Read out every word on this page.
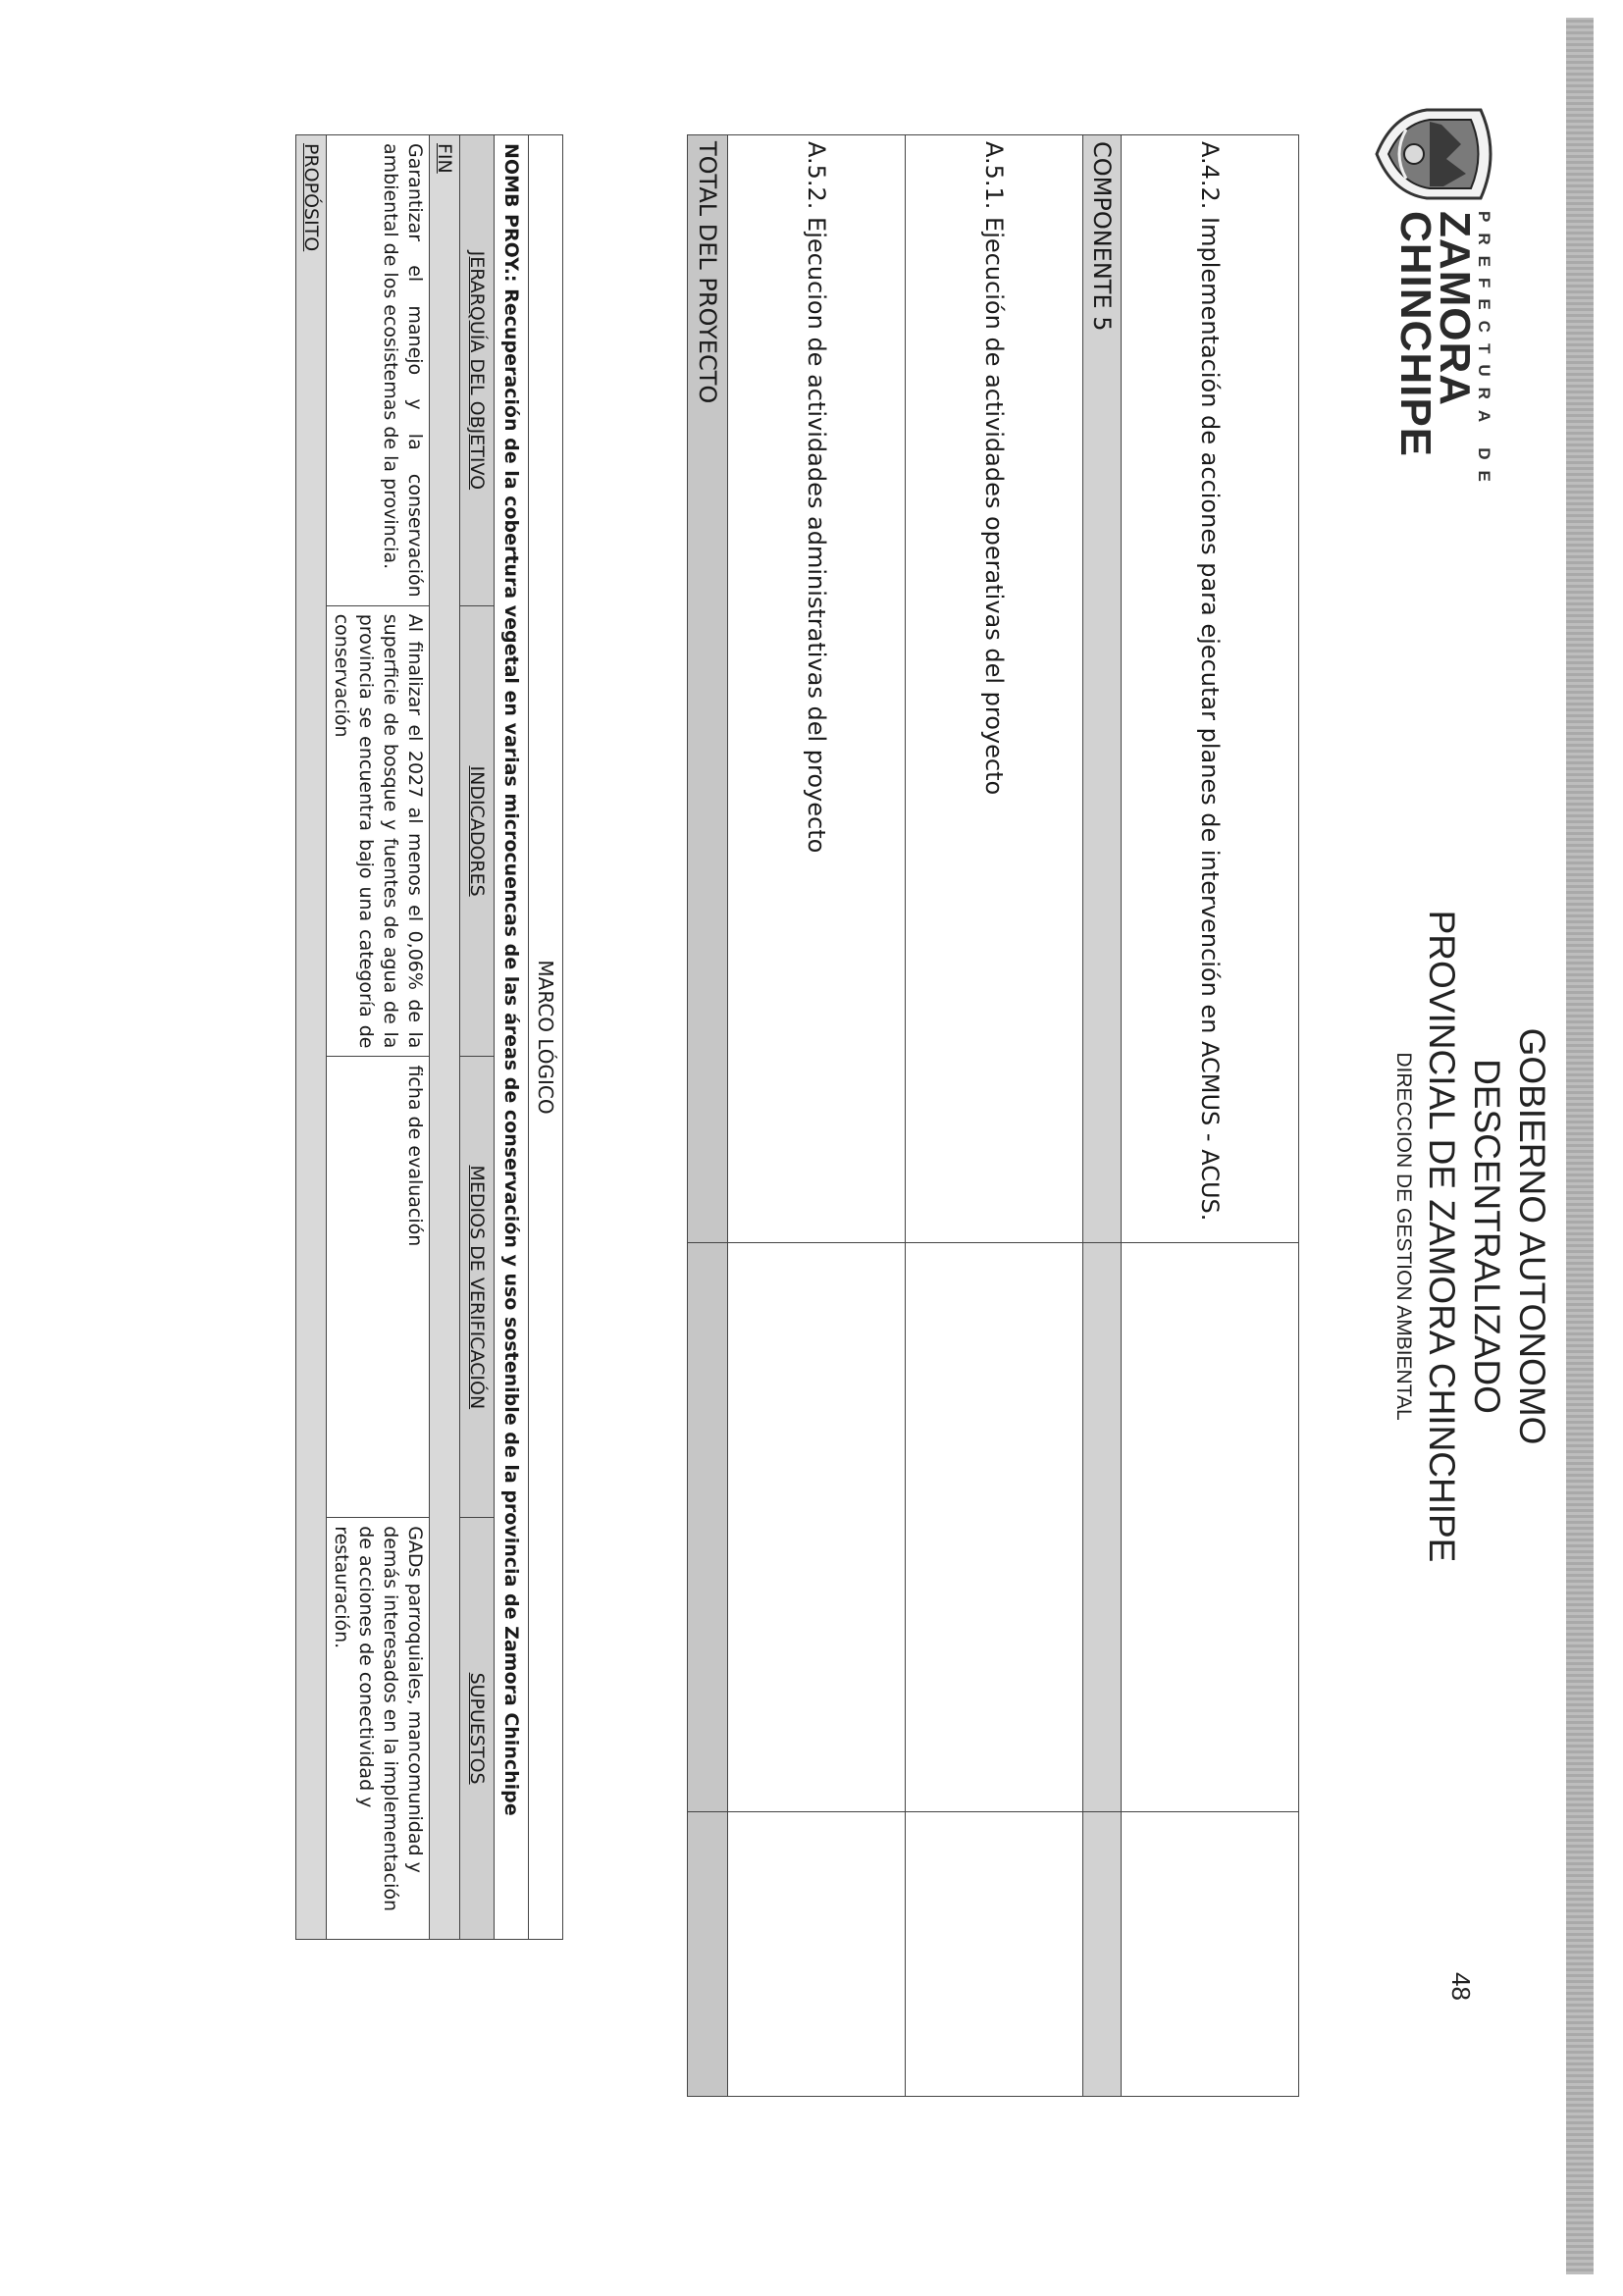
PREFECTURA DE
ZAMORA
CHINCHIPE
GOBIERNO AUTONOMO DESCENTRALIZADO
PROVINCIAL DE ZAMORA CHINCHIPE
DIRECCION DE GESTION AMBIENTAL
48
A.4.2. Implementación de acciones para ejecutar planes de intervención en ACMUS - ACUS.		
COMPONENTE 5		
A.5.1. Ejecución de actividades operativas del proyecto		
A.5.2. Ejecucion de actividades administrativas del proyecto		
TOTAL DEL PROYECTO		
MARCO LÓGICO			
NOMB PROY.: Recuperación de la cobertura vegetal en varias microcuencas de las áreas de conservación y uso sostenible de la provincia de Zamora Chinchipe			
JERARQUÍA DEL OBJETIVO	INDICADORES	MEDIOS DE VERIFICACIÓN	SUPUESTOS
FIN			
Garantizar el manejo y la conservación ambiental de los ecosistemas de la provincia.	Al finalizar el 2027 al menos el 0,06% de la superficie de bosque y fuentes de agua de la provincia se encuentra bajo una categoría de conservación	ficha de evaluación	GADs parroquiales, mancomunidad y demás interesados en la implementación de acciones de conectividad y restauración.
PROPÓSITO			
